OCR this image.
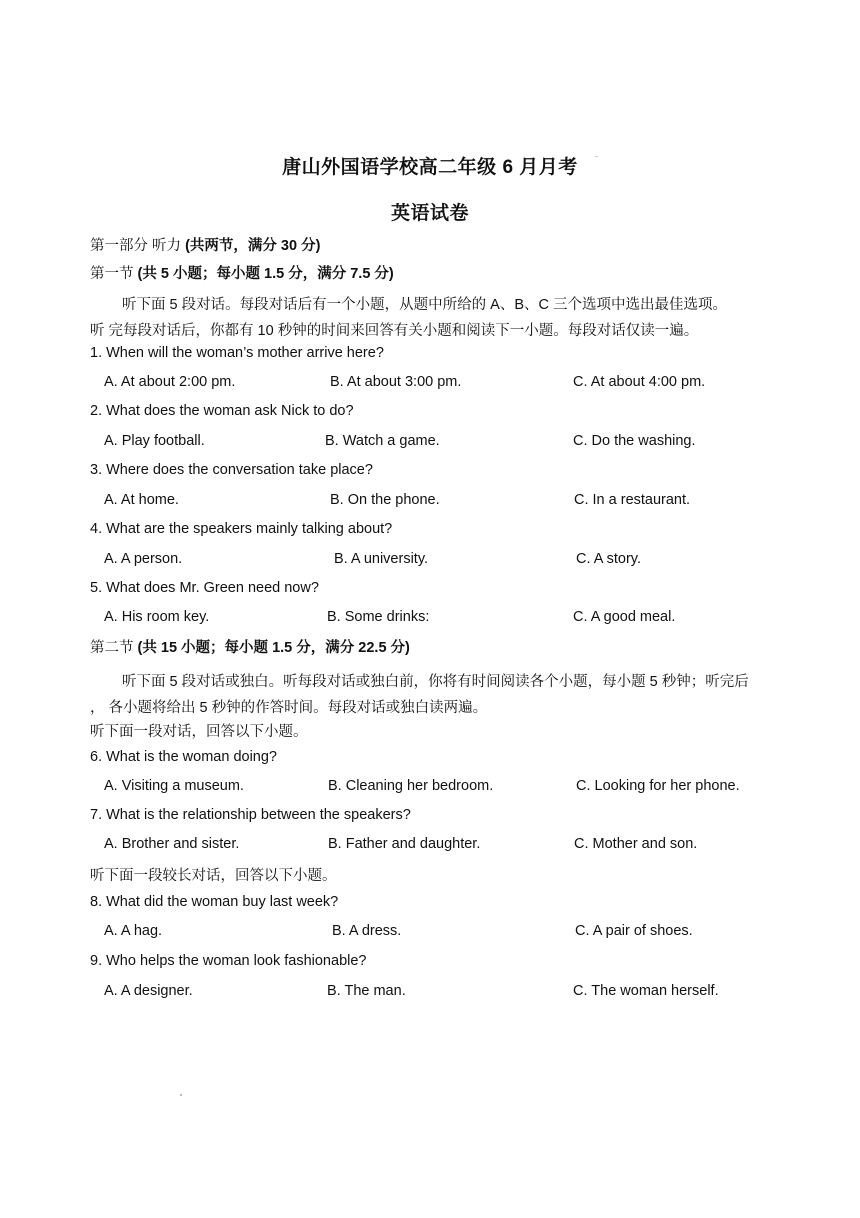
唐山外国语学校高二年级 6 月月考
英语试卷
第一部分 听力 (共两节，满分 30 分)
第一节 (共 5 小题；每小题 1.5 分，满分 7.5 分)
听下面 5 段对话。每段对话后有一个小题，从题中所给的 A、B、C 三个选项中选出最佳选项。
听 完每段对话后，你都有 10 秒钟的时间来回答有关小题和阅读下一小题。每段对话仅读一遍。
1. When will the woman’s mother arrive here?
A. At about 2:00 pm.	B. At about 3:00 pm.	C. At about 4:00 pm.
2. What does the woman ask Nick to do?
A. Play football.	B. Watch a game.	C. Do the washing.
3. Where does the conversation take place?
A. At home.	B. On the phone.	C. In a restaurant.
4. What are the speakers mainly talking about?
A. A person.	B. A university.	C. A story.
5. What does Mr. Green need now?
A. His room key.	B. Some drinks:	C. A good meal.
第二节 (共 15 小题；每小题 1.5 分，满分 22.5 分)
听下面 5 段对话或独白。听每段对话或独白前，你将有时间阅读各个小题，每小题 5 秒钟；听完后
， 各小题将给出 5 秒钟的作答时间。每段对话或独白读两遍。
听下面一段对话，回答以下小题。
6. What is the woman doing?
A. Visiting a museum.	B. Cleaning her bedroom.	C. Looking for her phone.
7. What is the relationship between the speakers?
A. Brother and sister.	B. Father and daughter.	C. Mother and son.
听下面一段较长对话，回答以下小题。
8. What did the woman buy last week?
A. A hag.	B. A dress.	C. A pair of shoes.
9. Who helps the woman look fashionable?
A. A designer.	B. The man.	C. The woman herself.
